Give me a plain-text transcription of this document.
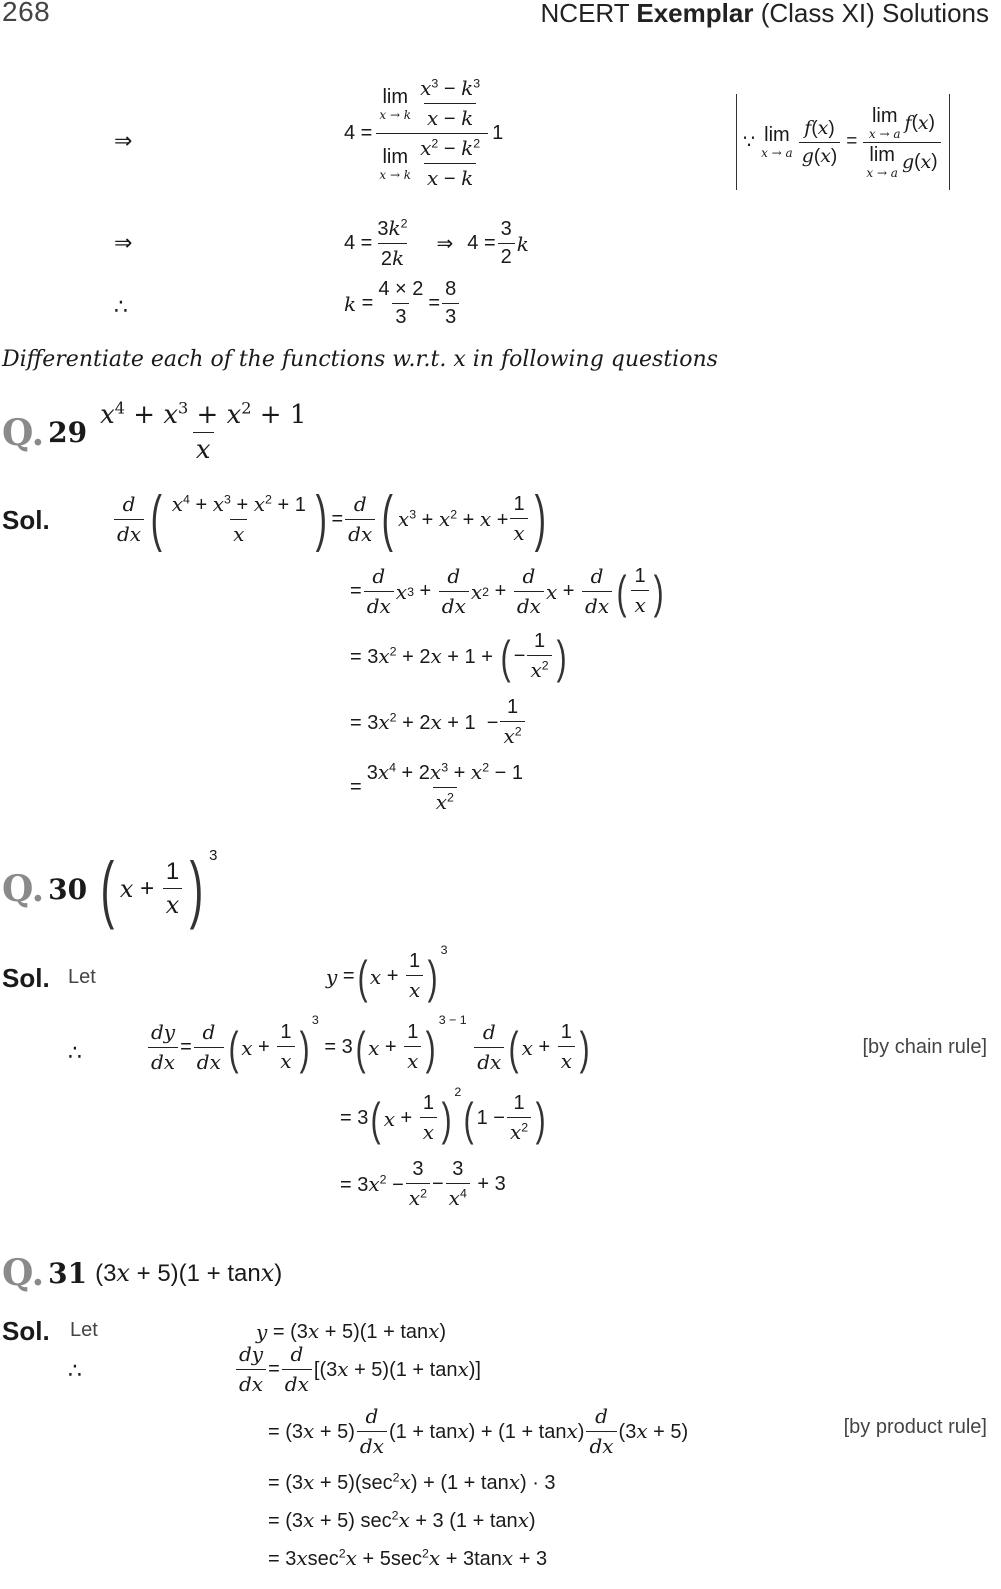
268	NCERT Exemplar (Class XI) Solutions
⇒	4 = lim
x → k $\frac{x^3 - k^3}{x - k}$
lim
x → k $\frac{x^2 - k^2}{x - k} 1$	∵ lim
x → a $\frac{f(x)}{g(x)} = \lim$
x → a f ( x )
lim
x → a g ( x )
⇒	$4 = \frac{3k^2}{2k}$ ⇒ $4 = \frac{3}{2}$ k
∴	$k = \frac{4 \times 2}{3} = \frac{8}{3}$
Differentiate each of the functions w.r.t. x in following questions
Q. $29 \frac{x^4 + x^3 + x^2 + 1}{x}$
Sol.	$\frac{d}{dx}$ ( $\frac{x^4 + x^3 + x^2 + 1}{x}$ ) = $\frac{d}{dx}$ ( $x^3 + x^2 + x + \frac{1}{x}$ )
= $\frac{d}{dx}$ x $3 + \frac{d}{dx}$ x $2 + \frac{d}{dx}$ $x + \frac{d}{dx}$ ( $\frac{1}{x}$ )
= $3x^2 + 2x + 1$ + ( − $\frac{1}{x^2}$ )
= $3x^2 + 2x + 1 - \frac{1}{x^2}$
= $\frac{3x^4 + 2x^3 + x^2 - 1}{x^2}$
Q. 30 ( $x + \frac{1}{x}$ ) 3
Sol. Let	y = ( $x + \frac{1}{x}$ )
3
∴	$\frac{dy}{dx} = \frac{d}{dx}$ ( $x + \frac{1}{x}$ )
3
= 3 ( $x + \frac{1}{x}$ )
3 − 1
$\frac{d}{dx}$ ( $x + \frac{1}{x}$ )	[by chain rule]
= 3 ( $x + \frac{1}{x}$ )
2
( $1 - \frac{1}{x^2}$ )
= $3x^2 - \frac{3}{x^2} - \frac{3}{x^4} + 3$
Q. 31 (3x + 5)(1 + tanx)
Sol. Let	y = (3x + 5)(1 + tanx)
∴	$\frac{dy}{dx} = \frac{d}{dx} [(3x + 5)(1 + \tan x)]$
= $(3x + 5) \frac{d}{dx} (1 + \tan x) + (1 + \tan x) \frac{d}{dx} (3x + 5)$	[by product rule]
= $(3x + 5)(\sec^2x) + (1 + \tan x) \cdot 3$
= (3x + 5) $\sec^2x + 3$ (1 + tanx)
= $3xsec^2x + 5\sec^2x + 3\tan x + 3$
